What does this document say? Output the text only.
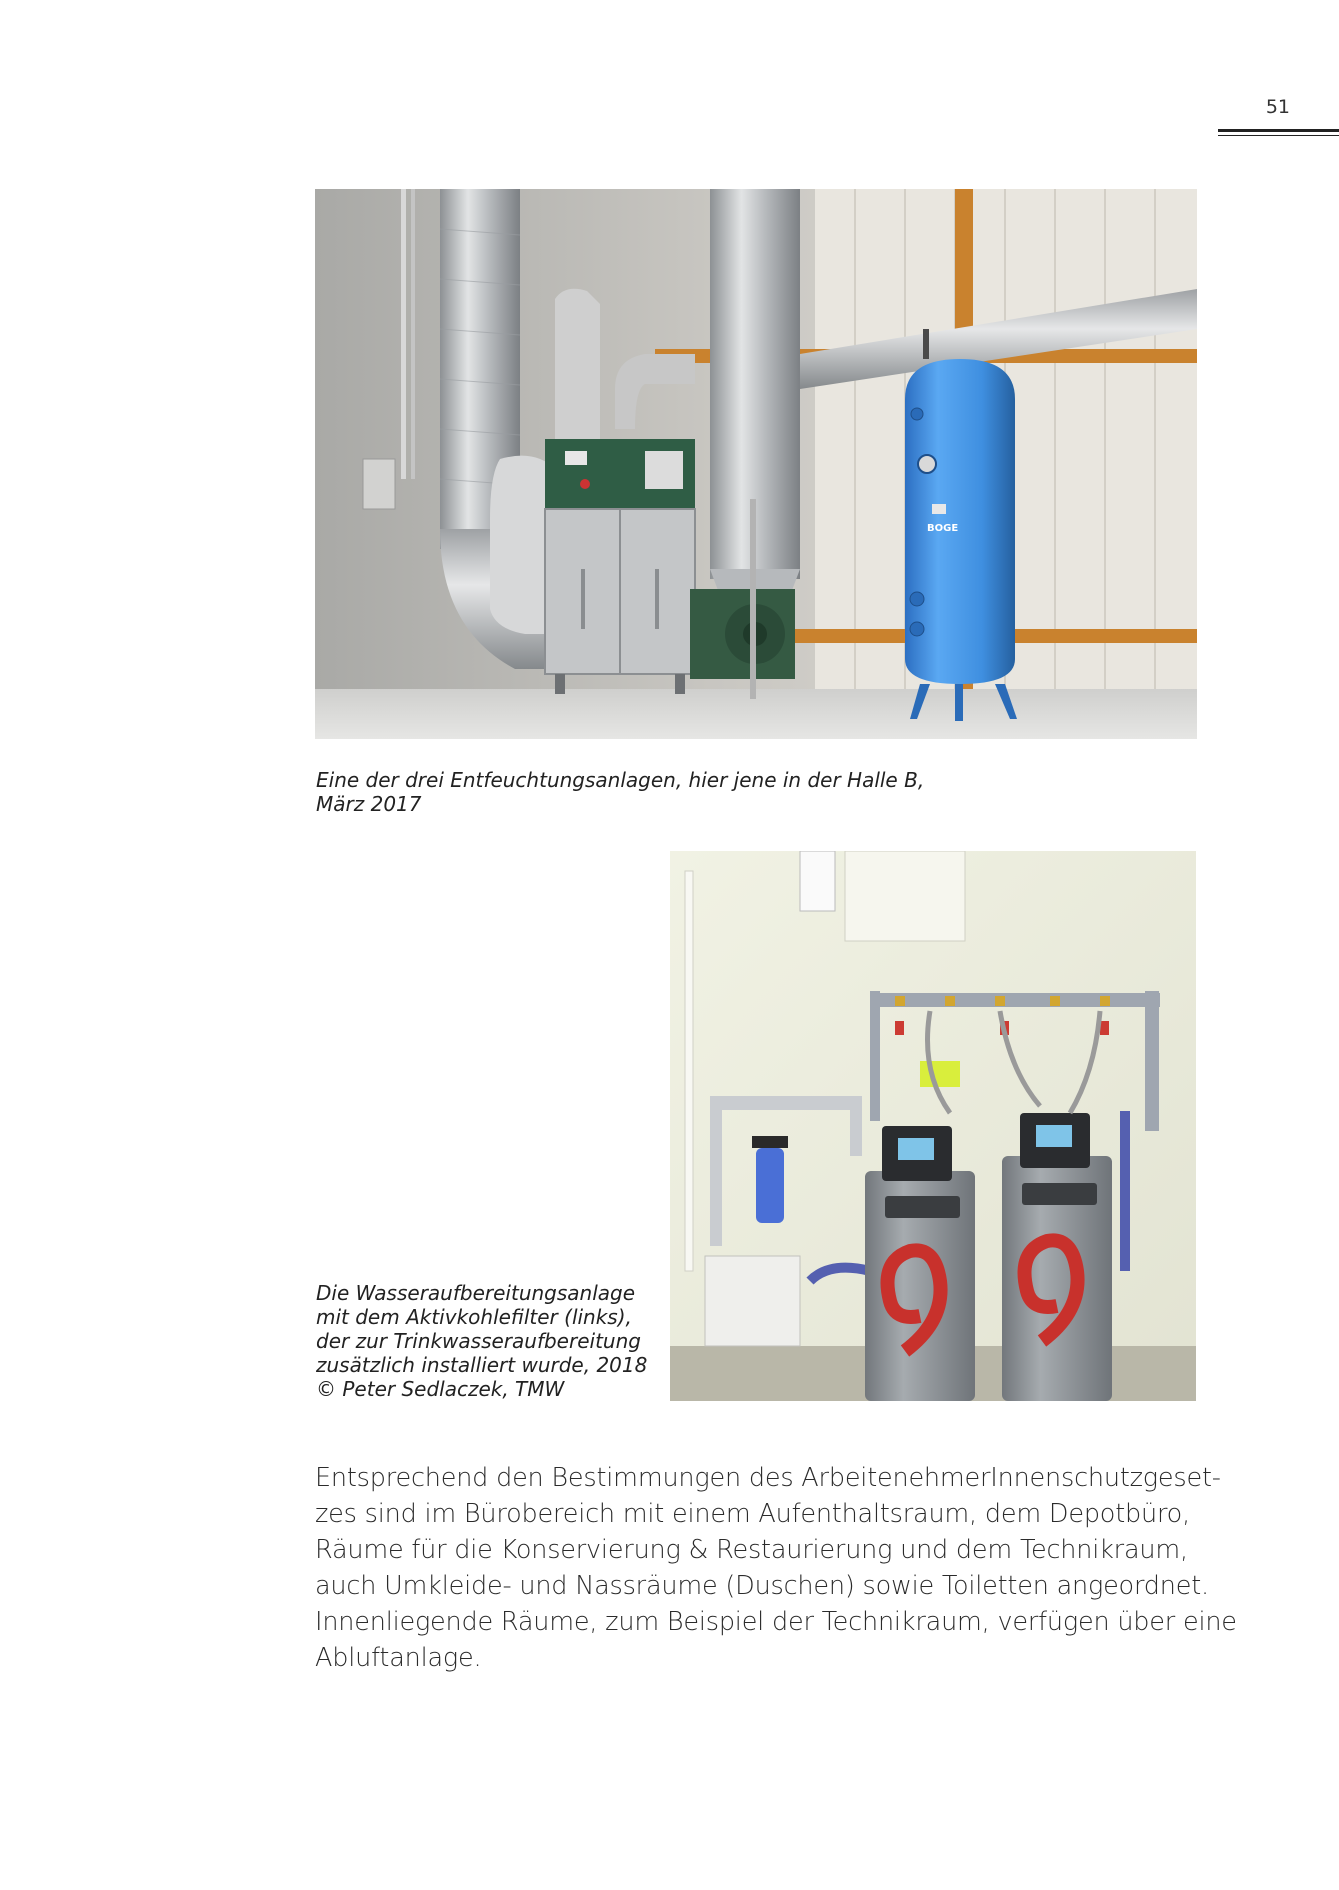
51
BOGE

Eine der drei Entfeuchtungsanlagen, hier jene in der Halle B,
März 2017

Die Wasseraufbereitungsanlage
mit dem Aktivkohlefilter (links),
der zur Trinkwasseraufbereitung
zusätzlich installiert wurde, 2018
© Peter Sedlaczek, TMW

Entsprechend den Bestimmungen des ArbeitenehmerInnenschutzgeset-
zes sind im Bürobereich mit einem Aufenthaltsraum, dem Depotbüro,
Räume für die Konservierung & Restaurierung und dem Technikraum,
auch Umkleide- und Nassräume (Duschen) sowie Toiletten angeordnet.
Innenliegende Räume, zum Beispiel der Technikraum, verfügen über eine
Abluftanlage.
